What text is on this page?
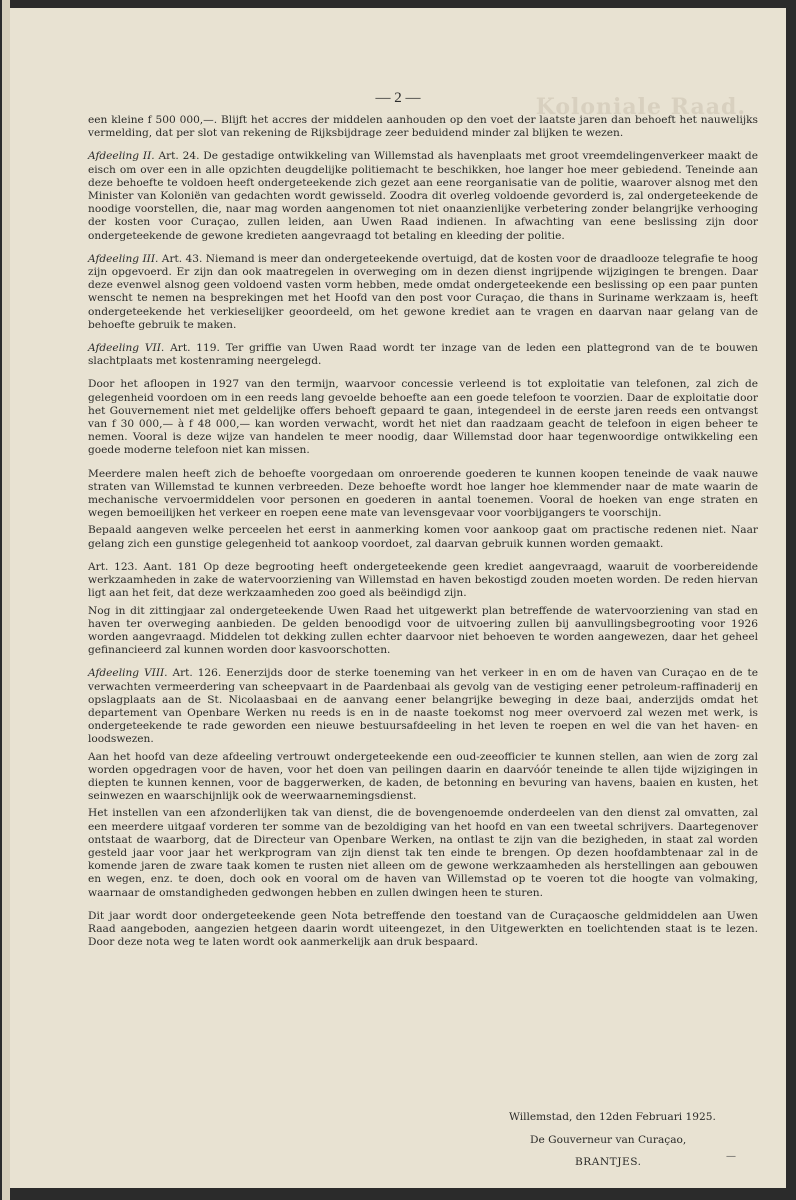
Koloniale Raad.
— 2 —

een kleine f 500 000,—. Blijft het accres der middelen aanhouden op den voet der laatste jaren dan behoeft het nauwelijks vermelding, dat per slot van rekening de Rijksbijdrage zeer beduidend minder zal blijken te wezen.

Afdeeling II. Art. 24. De gestadige ontwikkeling van Willemstad als havenplaats met groot vreemdelingenverkeer maakt de eisch om over een in alle opzichten deugdelijke politiemacht te beschikken, hoe langer hoe meer gebiedend. Teneinde aan deze behoefte te voldoen heeft ondergeteekende zich gezet aan eene reorganisatie van de politie, waarover alsnog met den Minister van Koloniën van gedachten wordt gewisseld. Zoodra dit overleg voldoende gevorderd is, zal ondergeteekende de noodige voorstellen, die, naar mag worden aangenomen tot niet onaanzienlijke verbetering zonder belangrijke verhooging der kosten voor Curaçao, zullen leiden, aan Uwen Raad indienen. In afwachting van eene beslissing zijn door ondergeteekende de gewone kredieten aangevraagd tot betaling en kleeding der politie.

Afdeeling III. Art. 43. Niemand is meer dan ondergeteekende overtuigd, dat de kosten voor de draadlooze telegrafie te hoog zijn opgevoerd. Er zijn dan ook maatregelen in overweging om in dezen dienst ingrijpende wijzigingen te brengen. Daar deze evenwel alsnog geen voldoend vasten vorm hebben, mede omdat ondergeteekende een beslissing op een paar punten wenscht te nemen na besprekingen met het Hoofd van den post voor Curaçao, die thans in Suriname werkzaam is, heeft ondergeteekende het verkieselijker geoordeeld, om het gewone krediet aan te vragen en daarvan naar gelang van de behoefte gebruik te maken.

Afdeeling VII. Art. 119. Ter griffie van Uwen Raad wordt ter inzage van de leden een plattegrond van de te bouwen slachtplaats met kostenraming neergelegd.

Door het afloopen in 1927 van den termijn, waarvoor concessie verleend is tot exploitatie van telefonen, zal zich de gelegenheid voordoen om in een reeds lang gevoelde behoefte aan een goede telefoon te voorzien. Daar de exploitatie door het Gouvernement niet met geldelijke offers behoeft gepaard te gaan, integendeel in de eerste jaren reeds een ontvangst van f 30 000,— à f 48 000,— kan worden verwacht, wordt het niet dan raadzaam geacht de telefoon in eigen beheer te nemen. Vooral is deze wijze van handelen te meer noodig, daar Willemstad door haar tegenwoordige ontwikkeling een goede moderne telefoon niet kan missen.

Meerdere malen heeft zich de behoefte voorgedaan om onroerende goederen te kunnen koopen teneinde de vaak nauwe straten van Willemstad te kunnen verbreeden. Deze behoefte wordt hoe langer hoe klemmender naar de mate waarin de mechanische vervoermiddelen voor personen en goederen in aantal toenemen. Vooral de hoeken van enge straten en wegen bemoeilijken het verkeer en roepen eene mate van levensgevaar voor voorbijgangers te voorschijn.

Bepaald aangeven welke perceelen het eerst in aanmerking komen voor aankoop gaat om practische redenen niet. Naar gelang zich een gunstige gelegenheid tot aankoop voordoet, zal daarvan gebruik kunnen worden gemaakt.

Art. 123. Aant. 181 Op deze begrooting heeft ondergeteekende geen krediet aangevraagd, waaruit de voorbereidende werkzaamheden in zake de watervoorziening van Willemstad en haven bekostigd zouden moeten worden. De reden hiervan ligt aan het feit, dat deze werkzaamheden zoo goed als beëindigd zijn.

Nog in dit zittingjaar zal ondergeteekende Uwen Raad het uitgewerkt plan betreffende de watervoorziening van stad en haven ter overweging aanbieden. De gelden benoodigd voor de uitvoering zullen bij aanvullingsbegrooting voor 1926 worden aangevraagd. Middelen tot dekking zullen echter daarvoor niet behoeven te worden aangewezen, daar het geheel gefinancieerd zal kunnen worden door kasvoorschotten.

Afdeeling VIII. Art. 126. Eenerzijds door de sterke toeneming van het verkeer in en om de haven van Curaçao en de te verwachten vermeerdering van scheepvaart in de Paardenbaai als gevolg van de vestiging eener petroleum-raffinaderij en opslagplaats aan de St. Nicolaasbaai en de aanvang eener belangrijke beweging in deze baai, anderzijds omdat het departement van Openbare Werken nu reeds is en in de naaste toekomst nog meer overvoerd zal wezen met werk, is ondergeteekende te rade geworden een nieuwe bestuursafdeeling in het leven te roepen en wel die van het haven- en loodswezen.

Aan het hoofd van deze afdeeling vertrouwt ondergeteekende een oud-zeeofficier te kunnen stellen, aan wien de zorg zal worden opgedragen voor de haven, voor het doen van peilingen daarin en daarvóór teneinde te allen tijde wijzigingen in diepten te kunnen kennen, voor de baggerwerken, de kaden, de betonning en bevuring van havens, baaien en kusten, het seinwezen en waarschijnlijk ook de weerwaarnemingsdienst.

Het instellen van een afzonderlijken tak van dienst, die de bovengenoemde onderdeelen van den dienst zal omvatten, zal een meerdere uitgaaf vorderen ter somme van de bezoldiging van het hoofd en van een tweetal schrijvers. Daartegenover ontstaat de waarborg, dat de Directeur van Openbare Werken, na ontlast te zijn van die bezigheden, in staat zal worden gesteld jaar voor jaar het werkprogram van zijn dienst tak ten einde te brengen. Op dezen hoofdambtenaar zal in de komende jaren de zware taak komen te rusten niet alleen om de gewone werkzaamheden als herstellingen aan gebouwen en wegen, enz. te doen, doch ook en vooral om de haven van Willemstad op te voeren tot die hoogte van volmaking, waarnaar de omstandigheden gedwongen hebben en zullen dwingen heen te sturen.

Dit jaar wordt door ondergeteekende geen Nota betreffende den toestand van de Curaçaosche geldmiddelen aan Uwen Raad aangeboden, aangezien hetgeen daarin wordt uiteengezet, in den Uitgewerkten en toelichtenden staat is te lezen. Door deze nota weg te laten wordt ook aanmerkelijk aan druk bespaard.

Willemstad, den 12den Februari 1925.
De Gouverneur van Curaçao,
BRANTJES.	—
